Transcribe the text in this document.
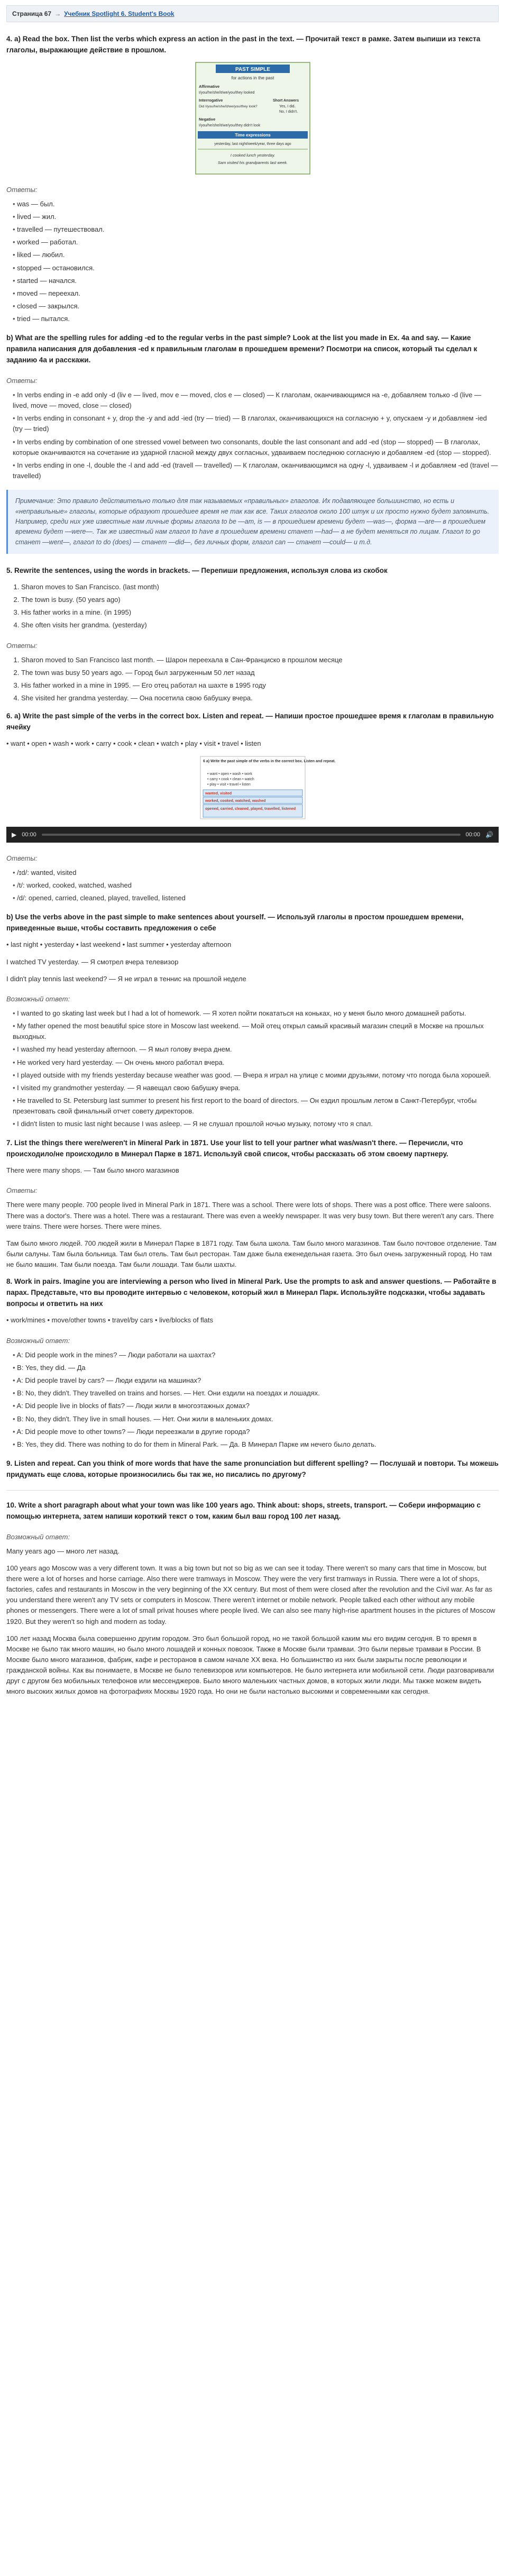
Страница 67 → Учебник Spotlight 6. Student's Book

4. a) Read the box. Then list the verbs which express an action in the past in the text. — Прочитай текст в рамке. Затем выпиши из текста глаголы, выражающие действие в прошлом.

PAST SIMPLE
for actions in the past
Affirmative
I/you/he/she/it/we/you/they looked
Interrogative
Did I/you/he/she/it/we/you/they look?
Short Answers
Yes, I did.
No, I didn't.
Negative
I/you/he/she/it/we/you/they didn't look
Time expressions
yesterday, last night/week/year, three days ago
I cooked lunch yesterday.
Sam visited his grandparents last week.
Ответы:
• was — был.
• lived — жил.
• travelled — путешествовал.
• worked — работал.
• liked — любил.
• stopped — остановился.
• started — начался.
• moved — переехал.
• closed — закрылся.
• tried — пытался.

b) What are the spelling rules for adding -ed to the regular verbs in the past simple? Look at the list you made in Ex. 4a and say. — Какие правила написания для добавления -ed к правильным глаголам в прошедшем времени? Посмотри на список, который ты сделал к заданию 4a и расскажи.

Ответы:
• In verbs ending in -e add only -d (liv e — lived, mov e — moved, clos e — closed) — К глаголам, оканчивающимся на -e, добавляем только -d (live — lived, move — moved, close — closed)
• In verbs ending in consonant + y, drop the -y and add -ied (try — tried) — В глаголах, оканчивающихся на согласную + y, опускаем -y и добавляем -ied (try — tried)
• In verbs ending by combination of one stressed vowel between two consonants, double the last consonant and add -ed (stop — stopped) — В глаголах, которые оканчиваются на сочетание из ударной гласной между двух согласных, удваиваем последнюю согласную и добавляем -ed (stop — stopped).
• In verbs ending in one -l, double the -l and add -ed (travell — travelled) — К глаголам, оканчивающимся на одну -l, удваиваем -l и добавляем -ed (travel — travelled)
Примечание: Это правило действительно только для так называемых «правильных» глаголов. Их подавляющее большинство, но есть и «неправильные» глаголы, которые образуют прошедшее время не так как все. Таких глаголов около 100 штук и их просто нужно будет запомнить. Например, среди них уже известные нам личные формы глагола to be —am, is — в прошедшем времени будет —was—, форма —are— в прошедшем времени будет —were—. Так же известный нам глагол to have в прошедшем времени станет —had— а не будет меняться по лицам. Глагол to go станет —went—, глагол to do (does) — станет —did—, без личных форм, глагол can — станет —could— и т.д.

5. Rewrite the sentences, using the words in brackets. — Перепиши предложения, используя слова из скобок

1. Sharon moves to San Francisco. (last month)
2. The town is busy. (50 years ago)
3. His father works in a mine. (in 1995)
4. She often visits her grandma. (yesterday)
Ответы:
1. Sharon moved to San Francisco last month. — Шарон переехала в Сан-Франциско в прошлом месяце
2. The town was busy 50 years ago. — Город был загруженным 50 лет назад
3. His father worked in a mine in 1995. — Его отец работал на шахте в 1995 году
4. She visited her grandma yesterday. — Она посетила свою бабушку вчера.

6. a) Write the past simple of the verbs in the correct box. Listen and repeat. — Напиши простое прошедшее время к глаголам в правильную ячейку

• want • open • wash • work • carry • cook • clean • watch • play • visit • travel • listen
6 a) Write the past simple of the verbs in the correct box. Listen and repeat.
• want • open • wash • work
• carry • cook • clean • watch
• play • visit • travel • listen
wanted, visited
worked, cooked, watched, washed
opened, carried, cleaned, played, travelled, listened
▶ 00:00	00:00 🔊
Ответы:
• /ɪd/: wanted, visited
• /t/: worked, cooked, watched, washed
• /d/: opened, carried, cleaned, played, travelled, listened

b) Use the verbs above in the past simple to make sentences about yourself. — Используй глаголы в простом прошедшем времени, приведенные выше, чтобы составить предложения о себе

• last night • yesterday • last weekend • last summer • yesterday afternoon

I watched TV yesterday. — Я смотрел вчера телевизор

I didn't play tennis last weekend? — Я не играл в теннис на прошлой неделе

Возможный ответ:
• I wanted to go skating last week but I had a lot of homework. — Я хотел пойти покататься на коньках, но у меня было много домашней работы.
• My father opened the most beautiful spice store in Moscow last weekend. — Мой отец открыл самый красивый магазин специй в Москве на прошлых выходных.
• I washed my head yesterday afternoon. — Я мыл голову вчера днем.
• He worked very hard yesterday. — Он очень много работал вчера.
• I played outside with my friends yesterday because weather was good. — Вчера я играл на улице с моими друзьями, потому что погода была хорошей.
• I visited my grandmother yesterday. — Я навещал свою бабушку вчера.
• He travelled to St. Petersburg last summer to present his first report to the board of directors. — Он ездил прошлым летом в Санкт-Петербург, чтобы презентовать свой финальный отчет совету директоров.
• I didn't listen to music last night because I was asleep. — Я не слушал прошлой ночью музыку, потому что я спал.

7. List the things there were/weren't in Mineral Park in 1871. Use your list to tell your partner what was/wasn't there. — Перечисли, что происходило/не происходило в Минерал Парке в 1871. Используй свой список, чтобы рассказать об этом своему партнеру.

There were many shops. — Там было много магазинов

Ответы:

There were many people. 700 people lived in Mineral Park in 1871. There was a school. There were lots of shops. There was a post office. There were saloons. There was a doctor's. There was a hotel. There was a restaurant. There was even a weekly newspaper. It was very busy town. But there weren't any cars. There were trains. There were horses. There were mines.

Там было много людей. 700 людей жили в Минерал Парке в 1871 году. Там была школа. Там было много магазинов. Там было почтовое отделение. Там были салуны. Там была больница. Там был отель. Там был ресторан. Там даже была еженедельная газета. Это был очень загруженный город. Но там не было машин. Там были поезда. Там были лошади. Там были шахты.

8. Work in pairs. Imagine you are interviewing a person who lived in Mineral Park. Use the prompts to ask and answer questions. — Работайте в парах. Представьте, что вы проводите интервью с человеком, который жил в Минерал Парк. Используйте подсказки, чтобы задавать вопросы и ответить на них

• work/mines • move/other towns • travel/by cars • live/blocks of flats
Возможный ответ:
• A: Did people work in the mines? — Люди работали на шахтах?
• B: Yes, they did. — Да
• A: Did people travel by cars? — Люди ездили на машинах?
• B: No, they didn't. They travelled on trains and horses. — Нет. Они ездили на поездах и лошадях.
• A: Did people live in blocks of flats? — Люди жили в многоэтажных домах?
• B: No, they didn't. They live in small houses. — Нет. Они жили в маленьких домах.
• A: Did people move to other towns? — Люди переезжали в другие города?
• B: Yes, they did. There was nothing to do for them in Mineral Park. — Да. В Минерал Парке им нечего было делать.

9. Listen and repeat. Can you think of more words that have the same pronunciation but different spelling? — Послушай и повтори. Ты можешь придумать еще слова, которые произносились бы так же, но писались по другому?

10. Write a short paragraph about what your town was like 100 years ago. Think about: shops, streets, transport. — Собери информацию с помощью интернета, затем напиши короткий текст о том, каким был ваш город 100 лет назад.

Возможный ответ:

Many years ago — много лет назад.

100 years ago Moscow was a very different town. It was a big town but not so big as we can see it today. There weren't so many cars that time in Moscow, but there were a lot of horses and horse carriage. Also there were tramways in Moscow. They were the very first tramways in Russia. There were a lot of shops, factories, cafes and restaurants in Moscow in the very beginning of the XX century. But most of them were closed after the revolution and the Civil war. As far as you understand there weren't any TV sets or computers in Moscow. There weren't internet or mobile network. People talked each other without any mobile phones or messengers. There were a lot of small privat houses where people lived. We can also see many high-rise apartment houses in the pictures of Moscow 1920. But they weren't so high and modern as today.

100 лет назад Москва была совершенно другим городом. Это был большой город, но не такой большой каким мы его видим сегодня. В то время в Москве не было так много машин, но было много лошадей и конных повозок. Также в Москве были трамваи. Это были первые трамваи в России. В Москве было много магазинов, фабрик, кафе и ресторанов в самом начале XX века. Но большинство из них были закрыты после революции и гражданской войны. Как вы понимаете, в Москве не было телевизоров или компьютеров. Не было интернета или мобильной сети. Люди разговаривали друг с другом без мобильных телефонов или мессенджеров. Было много маленьких частных домов, в которых жили люди. Мы также можем видеть много высоких жилых домов на фотографиях Москвы 1920 года. Но они не были настолько высокими и современными как сегодня.
